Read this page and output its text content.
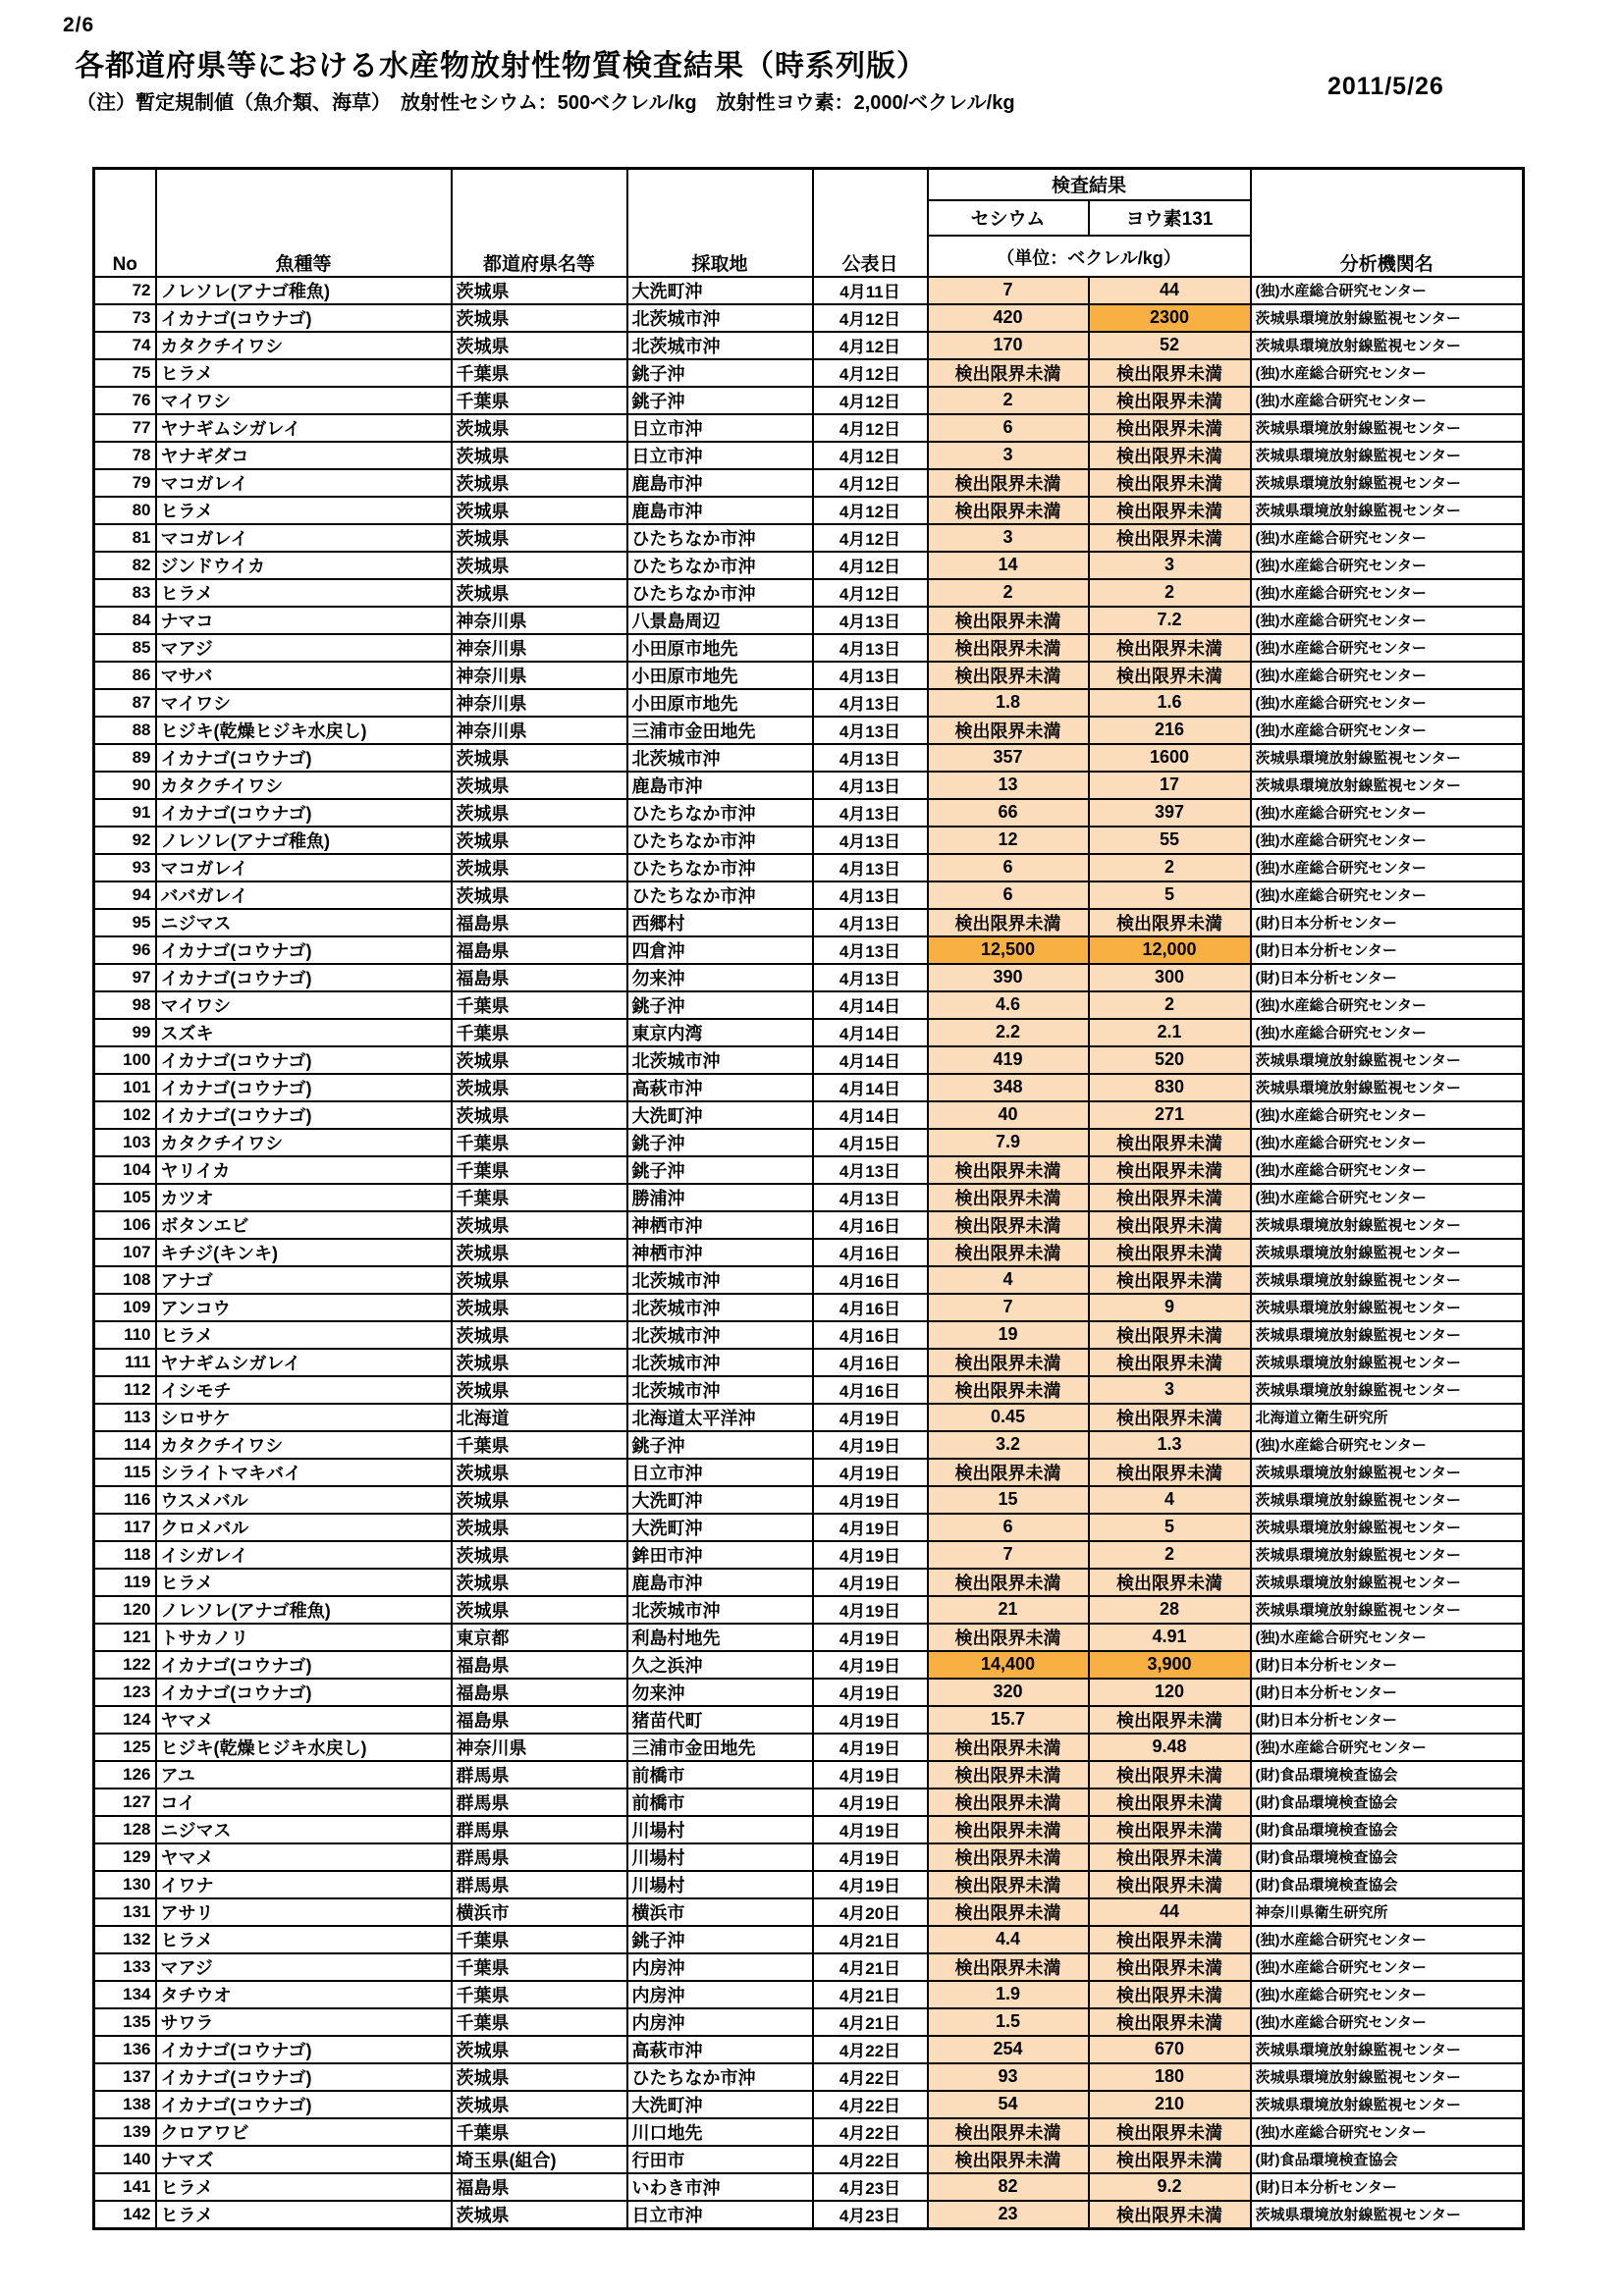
2/6
各都道府県等における水産物放射性物質検査結果（時系列版）
2011/5/26
（注）暫定規制値（魚介類、海草）　放射性セシウム：500ベクレル/kg　放射性ヨウ素：2,000/ベクレル/kg
No	魚種等	都道府県名等	採取地	公表日	検査結果		分析機関名
					セシウム	ヨウ素131	
					（単位：ベクレル/kg）		
72	ノレソレ(アナゴ稚魚)	茨城県	大洗町沖	4月11日	7	44	(独)水産総合研究センター
73	イカナゴ(コウナゴ)	茨城県	北茨城市沖	4月12日	420	2300	茨城県環境放射線監視センター
74	カタクチイワシ	茨城県	北茨城市沖	4月12日	170	52	茨城県環境放射線監視センター
75	ヒラメ	千葉県	銚子沖	4月12日	検出限界未満	検出限界未満	(独)水産総合研究センター
76	マイワシ	千葉県	銚子沖	4月12日	2	検出限界未満	(独)水産総合研究センター
77	ヤナギムシガレイ	茨城県	日立市沖	4月12日	6	検出限界未満	茨城県環境放射線監視センター
78	ヤナギダコ	茨城県	日立市沖	4月12日	3	検出限界未満	茨城県環境放射線監視センター
79	マコガレイ	茨城県	鹿島市沖	4月12日	検出限界未満	検出限界未満	茨城県環境放射線監視センター
80	ヒラメ	茨城県	鹿島市沖	4月12日	検出限界未満	検出限界未満	茨城県環境放射線監視センター
81	マコガレイ	茨城県	ひたちなか市沖	4月12日	3	検出限界未満	(独)水産総合研究センター
82	ジンドウイカ	茨城県	ひたちなか市沖	4月12日	14	3	(独)水産総合研究センター
83	ヒラメ	茨城県	ひたちなか市沖	4月12日	2	2	(独)水産総合研究センター
84	ナマコ	神奈川県	八景島周辺	4月13日	検出限界未満	7.2	(独)水産総合研究センター
85	マアジ	神奈川県	小田原市地先	4月13日	検出限界未満	検出限界未満	(独)水産総合研究センター
86	マサバ	神奈川県	小田原市地先	4月13日	検出限界未満	検出限界未満	(独)水産総合研究センター
87	マイワシ	神奈川県	小田原市地先	4月13日	1.8	1.6	(独)水産総合研究センター
88	ヒジキ(乾燥ヒジキ水戻し)	神奈川県	三浦市金田地先	4月13日	検出限界未満	216	(独)水産総合研究センター
89	イカナゴ(コウナゴ)	茨城県	北茨城市沖	4月13日	357	1600	茨城県環境放射線監視センター
90	カタクチイワシ	茨城県	鹿島市沖	4月13日	13	17	茨城県環境放射線監視センター
91	イカナゴ(コウナゴ)	茨城県	ひたちなか市沖	4月13日	66	397	(独)水産総合研究センター
92	ノレソレ(アナゴ稚魚)	茨城県	ひたちなか市沖	4月13日	12	55	(独)水産総合研究センター
93	マコガレイ	茨城県	ひたちなか市沖	4月13日	6	2	(独)水産総合研究センター
94	ババガレイ	茨城県	ひたちなか市沖	4月13日	6	5	(独)水産総合研究センター
95	ニジマス	福島県	西郷村	4月13日	検出限界未満	検出限界未満	(財)日本分析センター
96	イカナゴ(コウナゴ)	福島県	四倉沖	4月13日	12,500	12,000	(財)日本分析センター
97	イカナゴ(コウナゴ)	福島県	勿来沖	4月13日	390	300	(財)日本分析センター
98	マイワシ	千葉県	銚子沖	4月14日	4.6	2	(独)水産総合研究センター
99	スズキ	千葉県	東京内湾	4月14日	2.2	2.1	(独)水産総合研究センター
100	イカナゴ(コウナゴ)	茨城県	北茨城市沖	4月14日	419	520	茨城県環境放射線監視センター
101	イカナゴ(コウナゴ)	茨城県	高萩市沖	4月14日	348	830	茨城県環境放射線監視センター
102	イカナゴ(コウナゴ)	茨城県	大洗町沖	4月14日	40	271	(独)水産総合研究センター
103	カタクチイワシ	千葉県	銚子沖	4月15日	7.9	検出限界未満	(独)水産総合研究センター
104	ヤリイカ	千葉県	銚子沖	4月13日	検出限界未満	検出限界未満	(独)水産総合研究センター
105	カツオ	千葉県	勝浦沖	4月13日	検出限界未満	検出限界未満	(独)水産総合研究センター
106	ボタンエビ	茨城県	神栖市沖	4月16日	検出限界未満	検出限界未満	茨城県環境放射線監視センター
107	キチジ(キンキ)	茨城県	神栖市沖	4月16日	検出限界未満	検出限界未満	茨城県環境放射線監視センター
108	アナゴ	茨城県	北茨城市沖	4月16日	4	検出限界未満	茨城県環境放射線監視センター
109	アンコウ	茨城県	北茨城市沖	4月16日	7	9	茨城県環境放射線監視センター
110	ヒラメ	茨城県	北茨城市沖	4月16日	19	検出限界未満	茨城県環境放射線監視センター
111	ヤナギムシガレイ	茨城県	北茨城市沖	4月16日	検出限界未満	検出限界未満	茨城県環境放射線監視センター
112	イシモチ	茨城県	北茨城市沖	4月16日	検出限界未満	3	茨城県環境放射線監視センター
113	シロサケ	北海道	北海道太平洋沖	4月19日	0.45	検出限界未満	北海道立衛生研究所
114	カタクチイワシ	千葉県	銚子沖	4月19日	3.2	1.3	(独)水産総合研究センター
115	シライトマキバイ	茨城県	日立市沖	4月19日	検出限界未満	検出限界未満	茨城県環境放射線監視センター
116	ウスメバル	茨城県	大洗町沖	4月19日	15	4	茨城県環境放射線監視センター
117	クロメバル	茨城県	大洗町沖	4月19日	6	5	茨城県環境放射線監視センター
118	イシガレイ	茨城県	鉾田市沖	4月19日	7	2	茨城県環境放射線監視センター
119	ヒラメ	茨城県	鹿島市沖	4月19日	検出限界未満	検出限界未満	茨城県環境放射線監視センター
120	ノレソレ(アナゴ稚魚)	茨城県	北茨城市沖	4月19日	21	28	茨城県環境放射線監視センター
121	トサカノリ	東京都	利島村地先	4月19日	検出限界未満	4.91	(独)水産総合研究センター
122	イカナゴ(コウナゴ)	福島県	久之浜沖	4月19日	14,400	3,900	(財)日本分析センター
123	イカナゴ(コウナゴ)	福島県	勿来沖	4月19日	320	120	(財)日本分析センター
124	ヤマメ	福島県	猪苗代町	4月19日	15.7	検出限界未満	(財)日本分析センター
125	ヒジキ(乾燥ヒジキ水戻し)	神奈川県	三浦市金田地先	4月19日	検出限界未満	9.48	(独)水産総合研究センター
126	アユ	群馬県	前橋市	4月19日	検出限界未満	検出限界未満	(財)食品環境検査協会
127	コイ	群馬県	前橋市	4月19日	検出限界未満	検出限界未満	(財)食品環境検査協会
128	ニジマス	群馬県	川場村	4月19日	検出限界未満	検出限界未満	(財)食品環境検査協会
129	ヤマメ	群馬県	川場村	4月19日	検出限界未満	検出限界未満	(財)食品環境検査協会
130	イワナ	群馬県	川場村	4月19日	検出限界未満	検出限界未満	(財)食品環境検査協会
131	アサリ	横浜市	横浜市	4月20日	検出限界未満	44	神奈川県衛生研究所
132	ヒラメ	千葉県	銚子沖	4月21日	4.4	検出限界未満	(独)水産総合研究センター
133	マアジ	千葉県	内房沖	4月21日	検出限界未満	検出限界未満	(独)水産総合研究センター
134	タチウオ	千葉県	内房沖	4月21日	1.9	検出限界未満	(独)水産総合研究センター
135	サワラ	千葉県	内房沖	4月21日	1.5	検出限界未満	(独)水産総合研究センター
136	イカナゴ(コウナゴ)	茨城県	高萩市沖	4月22日	254	670	茨城県環境放射線監視センター
137	イカナゴ(コウナゴ)	茨城県	ひたちなか市沖	4月22日	93	180	茨城県環境放射線監視センター
138	イカナゴ(コウナゴ)	茨城県	大洗町沖	4月22日	54	210	茨城県環境放射線監視センター
139	クロアワビ	千葉県	川口地先	4月22日	検出限界未満	検出限界未満	(独)水産総合研究センター
140	ナマズ	埼玉県(組合)	行田市	4月22日	検出限界未満	検出限界未満	(財)食品環境検査協会
141	ヒラメ	福島県	いわき市沖	4月23日	82	9.2	(財)日本分析センター
142	ヒラメ	茨城県	日立市沖	4月23日	23	検出限界未満	茨城県環境放射線監視センター
